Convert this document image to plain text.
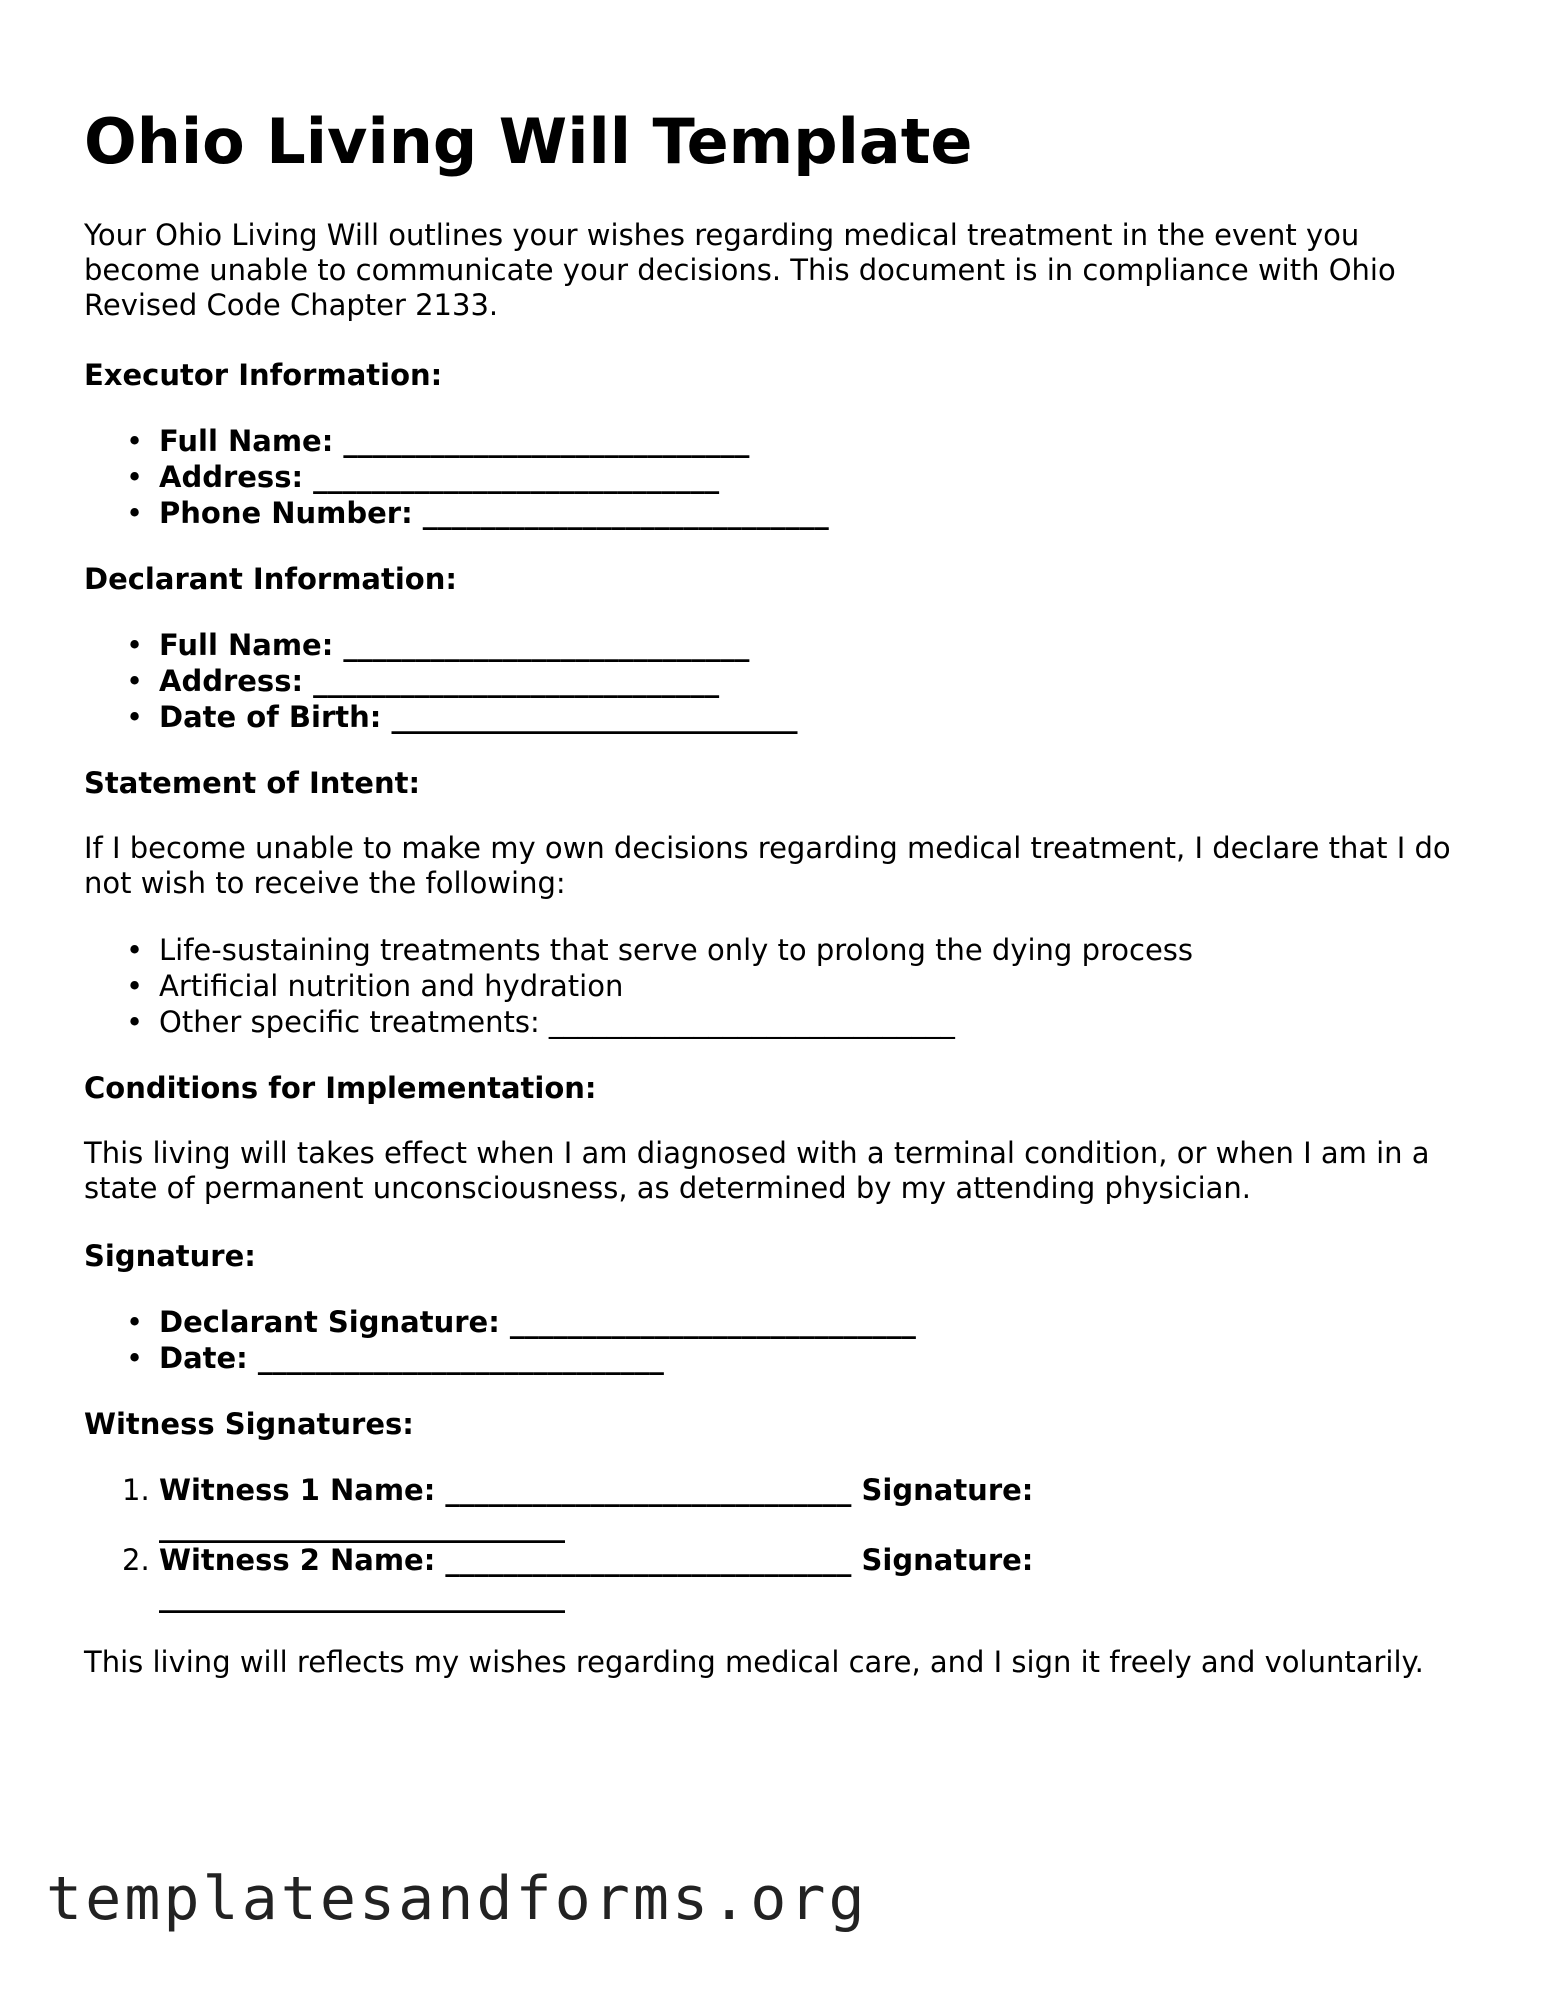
Ohio Living Will Template

Your Ohio Living Will outlines your wishes regarding medical treatment in the event you become unable to communicate your decisions. This document is in compliance with Ohio Revised Code Chapter 2133.

Executor Information:

• Full Name: ____________________________
• Address: ____________________________
• Phone Number: ____________________________

Declarant Information:

• Full Name: ____________________________
• Address: ____________________________
• Date of Birth: ____________________________

Statement of Intent:

If I become unable to make my own decisions regarding medical treatment, I declare that I do not wish to receive the following:

• Life-sustaining treatments that serve only to prolong the dying process
• Artificial nutrition and hydration
• Other specific treatments: ____________________________

Conditions for Implementation:

This living will takes effect when I am diagnosed with a terminal condition, or when I am in a state of permanent unconsciousness, as determined by my attending physician.

Signature:

• Declarant Signature: ____________________________
• Date: ____________________________

Witness Signatures:

1. Witness 1 Name: ____________________________ Signature:
____________________________
2. Witness 2 Name: ____________________________ Signature:
____________________________

This living will reflects my wishes regarding medical care, and I sign it freely and voluntarily.

templatesandforms.org
